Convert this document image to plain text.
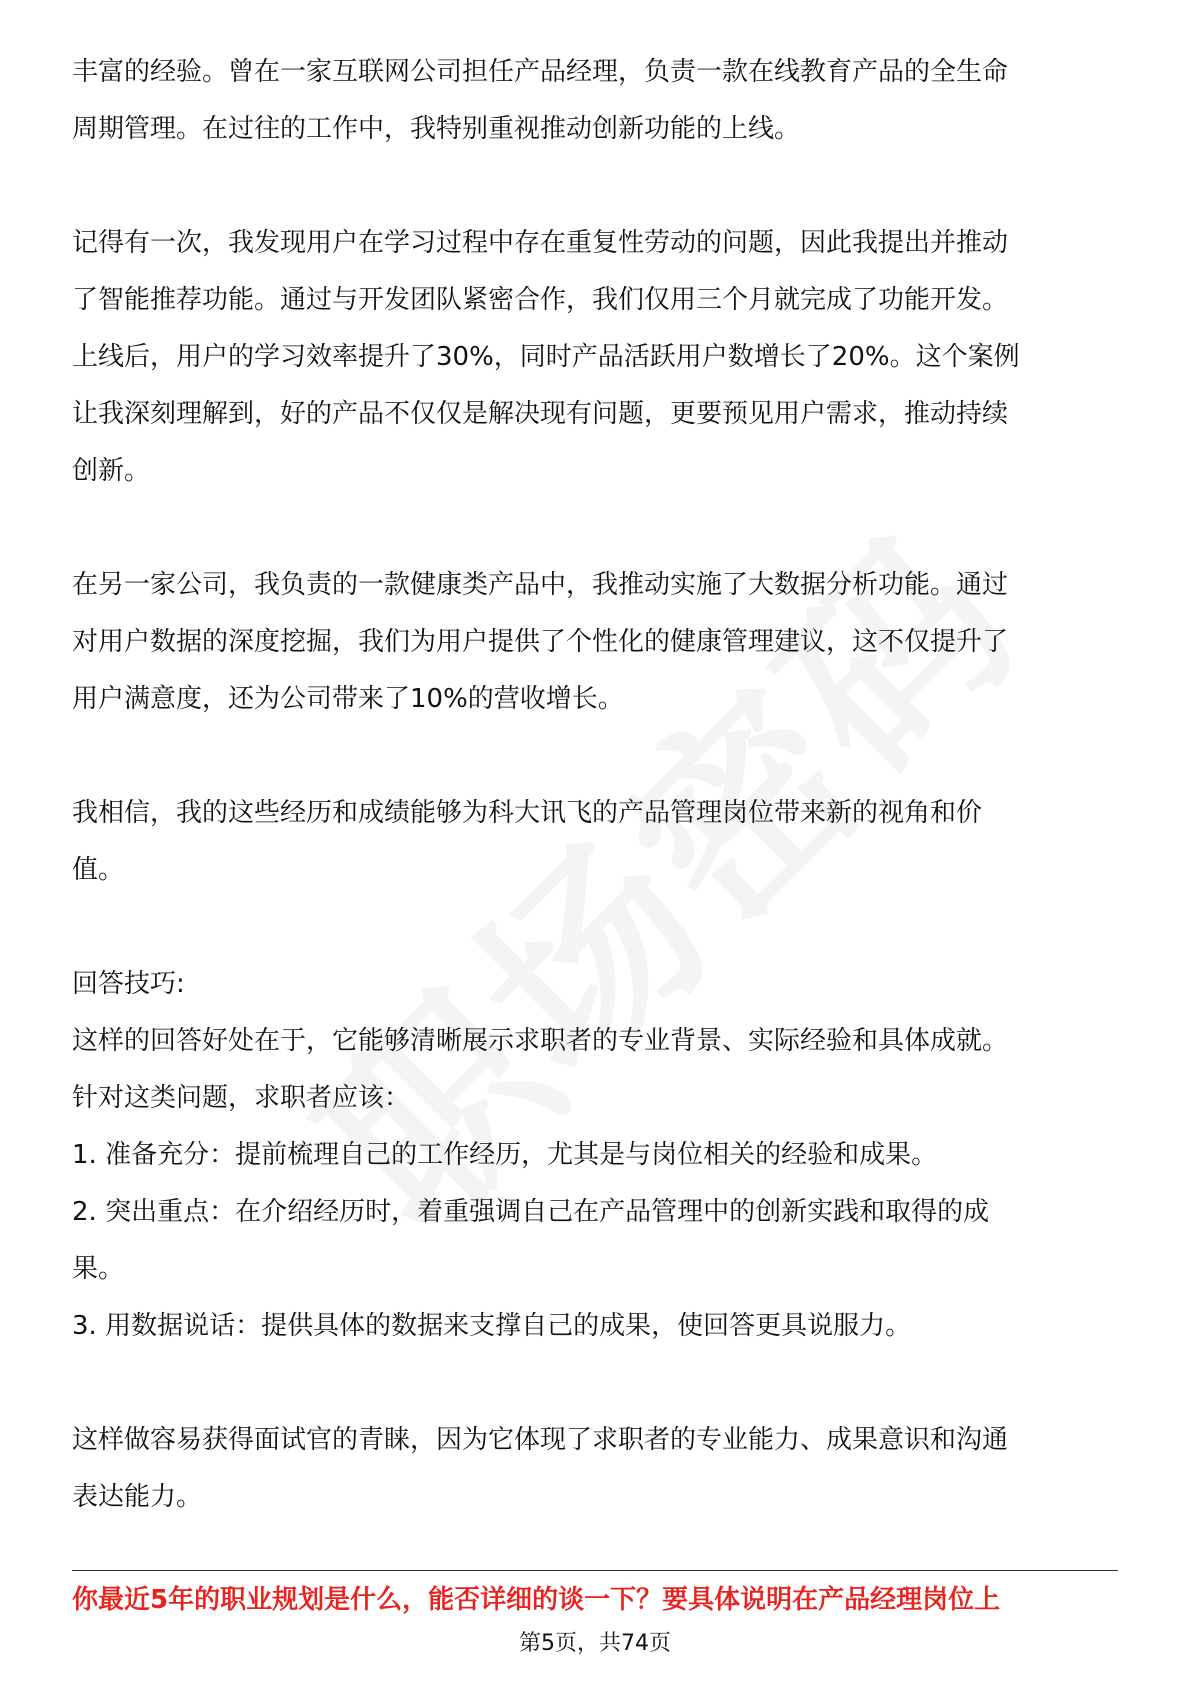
丰富的经验。曾在一家互联网公司担任产品经理，负责一款在线教育产品的全生命
周期管理。在过往的工作中，我特别重视推动创新功能的上线。
记得有一次，我发现用户在学习过程中存在重复性劳动的问题，因此我提出并推动
了智能推荐功能。通过与开发团队紧密合作，我们仅用三个月就完成了功能开发。
上线后，用户的学习效率提升了30%，同时产品活跃用户数增长了20%。这个案例
让我深刻理解到，好的产品不仅仅是解决现有问题，更要预见用户需求，推动持续
创新。
在另一家公司，我负责的一款健康类产品中，我推动实施了大数据分析功能。通过
对用户数据的深度挖掘，我们为用户提供了个性化的健康管理建议，这不仅提升了
用户满意度，还为公司带来了10%的营收增长。
我相信，我的这些经历和成绩能够为科大讯飞的产品管理岗位带来新的视角和价
值。
回答技巧:
这样的回答好处在于，它能够清晰展示求职者的专业背景、实际经验和具体成就。
针对这类问题，求职者应该：
1. 准备充分：提前梳理自己的工作经历，尤其是与岗位相关的经验和成果。
2. 突出重点：在介绍经历时，着重强调自己在产品管理中的创新实践和取得的成
果。
3. 用数据说话：提供具体的数据来支撑自己的成果，使回答更具说服力。
这样做容易获得面试官的青睐，因为它体现了求职者的专业能力、成果意识和沟通
表达能力。
你最近5年的职业规划是什么，能否详细的谈一下？要具体说明在产品经理岗位上
第5页，共74页
